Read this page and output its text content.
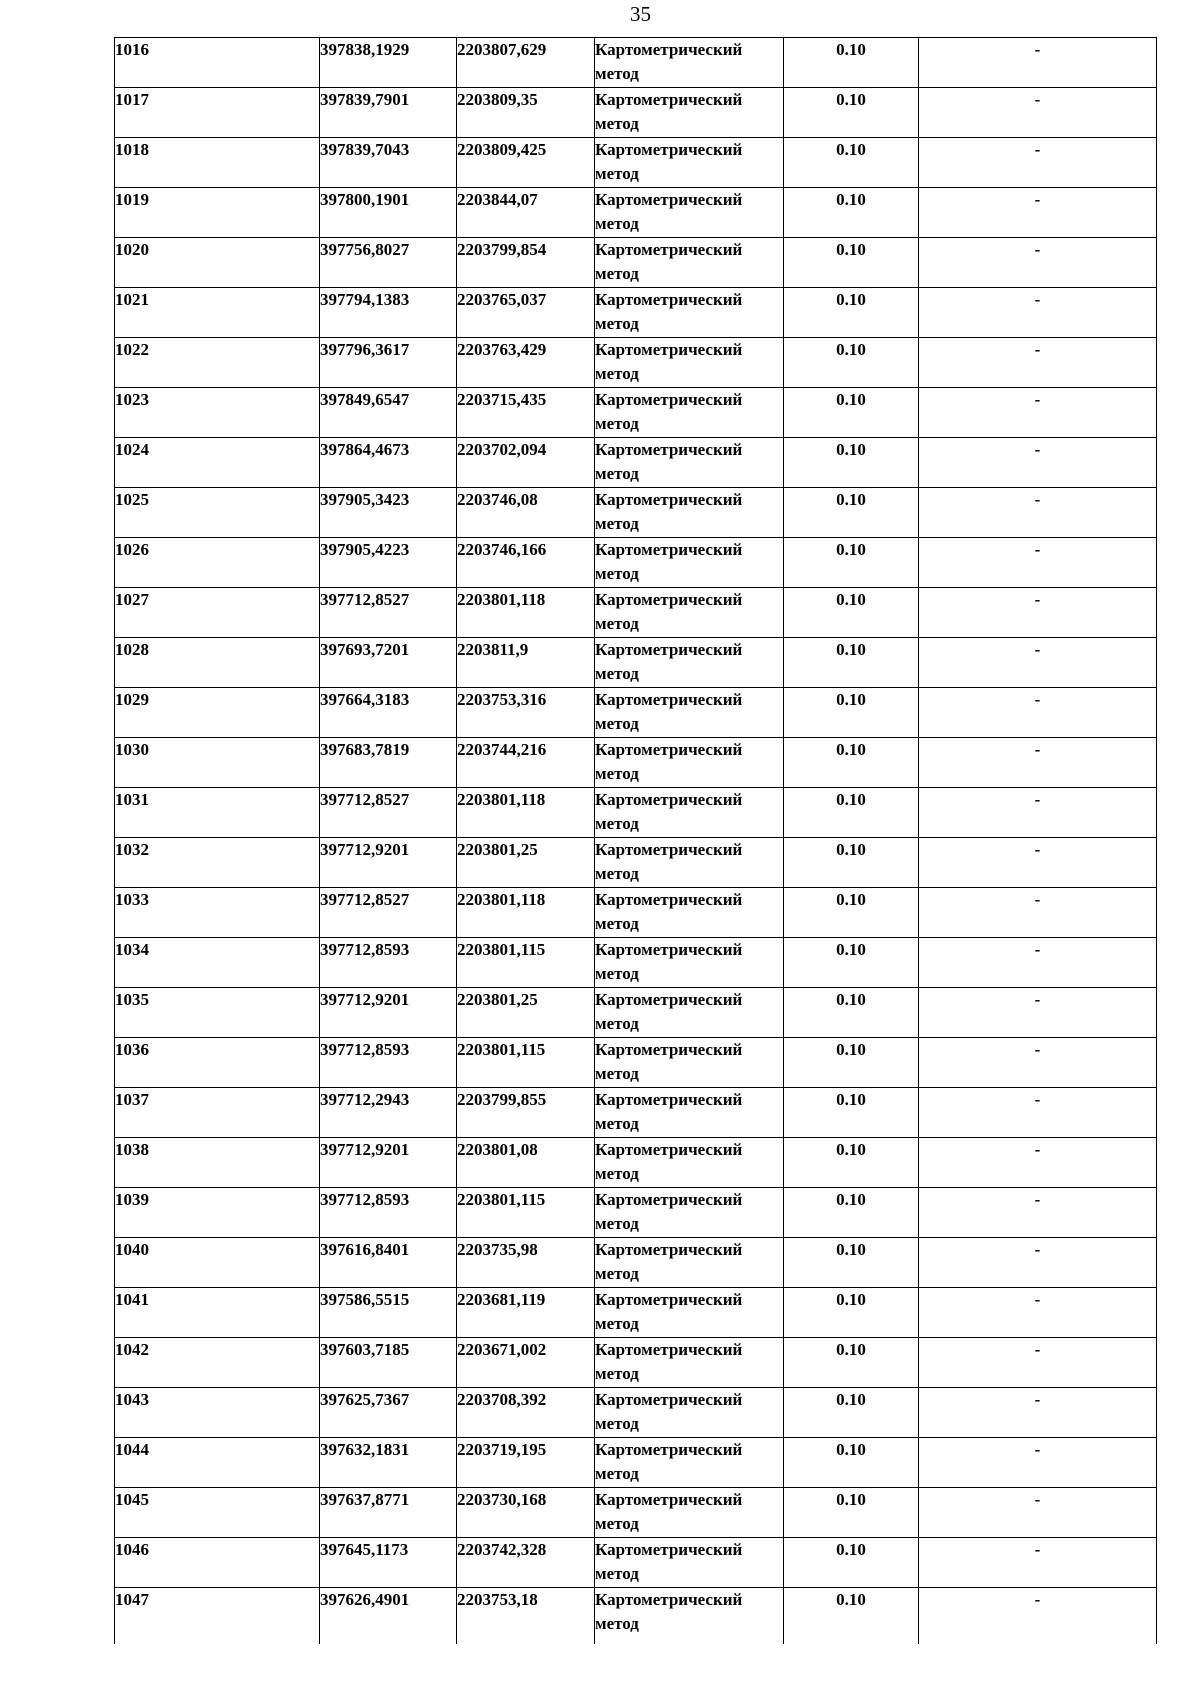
35
1016	397838,1929	2203807,629	Картометрический метод	0.10	-
1017	397839,7901	2203809,35	Картометрический метод	0.10	-
1018	397839,7043	2203809,425	Картометрический метод	0.10	-
1019	397800,1901	2203844,07	Картометрический метод	0.10	-
1020	397756,8027	2203799,854	Картометрический метод	0.10	-
1021	397794,1383	2203765,037	Картометрический метод	0.10	-
1022	397796,3617	2203763,429	Картометрический метод	0.10	-
1023	397849,6547	2203715,435	Картометрический метод	0.10	-
1024	397864,4673	2203702,094	Картометрический метод	0.10	-
1025	397905,3423	2203746,08	Картометрический метод	0.10	-
1026	397905,4223	2203746,166	Картометрический метод	0.10	-
1027	397712,8527	2203801,118	Картометрический метод	0.10	-
1028	397693,7201	2203811,9	Картометрический метод	0.10	-
1029	397664,3183	2203753,316	Картометрический метод	0.10	-
1030	397683,7819	2203744,216	Картометрический метод	0.10	-
1031	397712,8527	2203801,118	Картометрический метод	0.10	-
1032	397712,9201	2203801,25	Картометрический метод	0.10	-
1033	397712,8527	2203801,118	Картометрический метод	0.10	-
1034	397712,8593	2203801,115	Картометрический метод	0.10	-
1035	397712,9201	2203801,25	Картометрический метод	0.10	-
1036	397712,8593	2203801,115	Картометрический метод	0.10	-
1037	397712,2943	2203799,855	Картометрический метод	0.10	-
1038	397712,9201	2203801,08	Картометрический метод	0.10	-
1039	397712,8593	2203801,115	Картометрический метод	0.10	-
1040	397616,8401	2203735,98	Картометрический метод	0.10	-
1041	397586,5515	2203681,119	Картометрический метод	0.10	-
1042	397603,7185	2203671,002	Картометрический метод	0.10	-
1043	397625,7367	2203708,392	Картометрический метод	0.10	-
1044	397632,1831	2203719,195	Картометрический метод	0.10	-
1045	397637,8771	2203730,168	Картометрический метод	0.10	-
1046	397645,1173	2203742,328	Картометрический метод	0.10	-
1047	397626,4901	2203753,18	Картометрический метод	0.10	-
